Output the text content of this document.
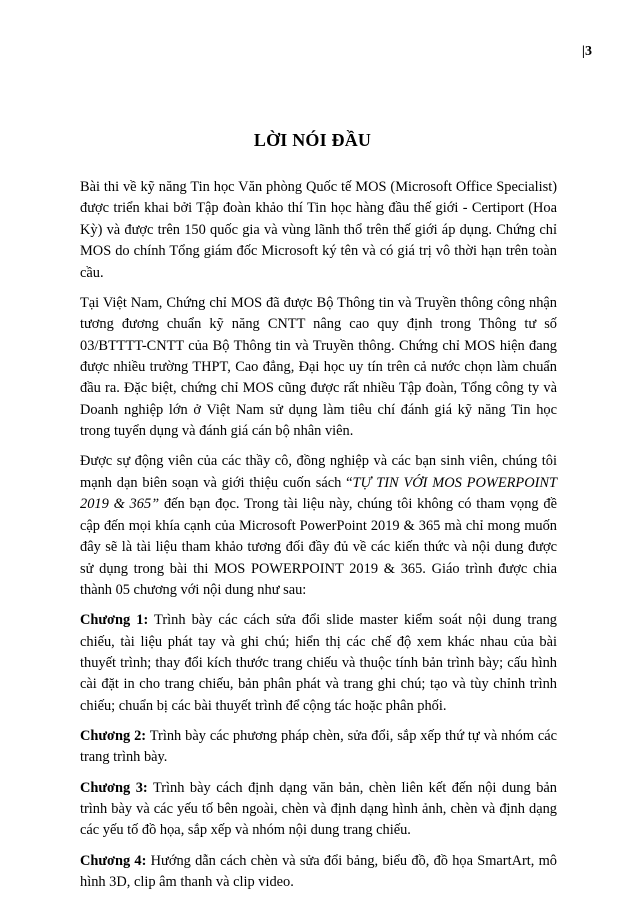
|3
LỜI NÓI ĐẦU

Bài thi về kỹ năng Tin học Văn phòng Quốc tế MOS (Microsoft Office Specialist) được triển khai bởi Tập đoàn khảo thí Tin học hàng đầu thế giới - Certiport (Hoa Kỳ) và được trên 150 quốc gia và vùng lãnh thổ trên thế giới áp dụng. Chứng chỉ MOS do chính Tổng giám đốc Microsoft ký tên và có giá trị vô thời hạn trên toàn cầu.

Tại Việt Nam, Chứng chỉ MOS đã được Bộ Thông tin và Truyền thông công nhận tương đương chuẩn kỹ năng CNTT nâng cao quy định trong Thông tư số 03/BTTTT-CNTT của Bộ Thông tin và Truyền thông. Chứng chỉ MOS hiện đang được nhiều trường THPT, Cao đẳng, Đại học uy tín trên cả nước chọn làm chuẩn đầu ra. Đặc biệt, chứng chỉ MOS cũng được rất nhiều Tập đoàn, Tổng công ty và Doanh nghiệp lớn ở Việt Nam sử dụng làm tiêu chí đánh giá kỹ năng Tin học trong tuyển dụng và đánh giá cán bộ nhân viên.

Được sự động viên của các thầy cô, đồng nghiệp và các bạn sinh viên, chúng tôi mạnh dạn biên soạn và giới thiệu cuốn sách “TỰ TIN VỚI MOS POWERPOINT 2019 & 365” đến bạn đọc. Trong tài liệu này, chúng tôi không có tham vọng đề cập đến mọi khía cạnh của Microsoft PowerPoint 2019 & 365 mà chỉ mong muốn đây sẽ là tài liệu tham khảo tương đối đầy đủ về các kiến thức và nội dung được sử dụng trong bài thi MOS POWERPOINT 2019 & 365. Giáo trình được chia thành 05 chương với nội dung như sau:

Chương 1: Trình bày các cách sửa đổi slide master kiểm soát nội dung trang chiếu, tài liệu phát tay và ghi chú; hiển thị các chế độ xem khác nhau của bài thuyết trình; thay đổi kích thước trang chiếu và thuộc tính bản trình bày; cấu hình cài đặt in cho trang chiếu, bản phân phát và trang ghi chú; tạo và tùy chỉnh trình chiếu; chuẩn bị các bài thuyết trình để cộng tác hoặc phân phối.

Chương 2: Trình bày các phương pháp chèn, sửa đổi, sắp xếp thứ tự và nhóm các trang trình bày.

Chương 3: Trình bày cách định dạng văn bản, chèn liên kết đến nội dung bản trình bày và các yếu tố bên ngoài, chèn và định dạng hình ảnh, chèn và định dạng các yếu tố đồ họa, sắp xếp và nhóm nội dung trang chiếu.

Chương 4: Hướng dẫn cách chèn và sửa đổi bảng, biểu đồ, đồ họa SmartArt, mô hình 3D, clip âm thanh và clip video.
